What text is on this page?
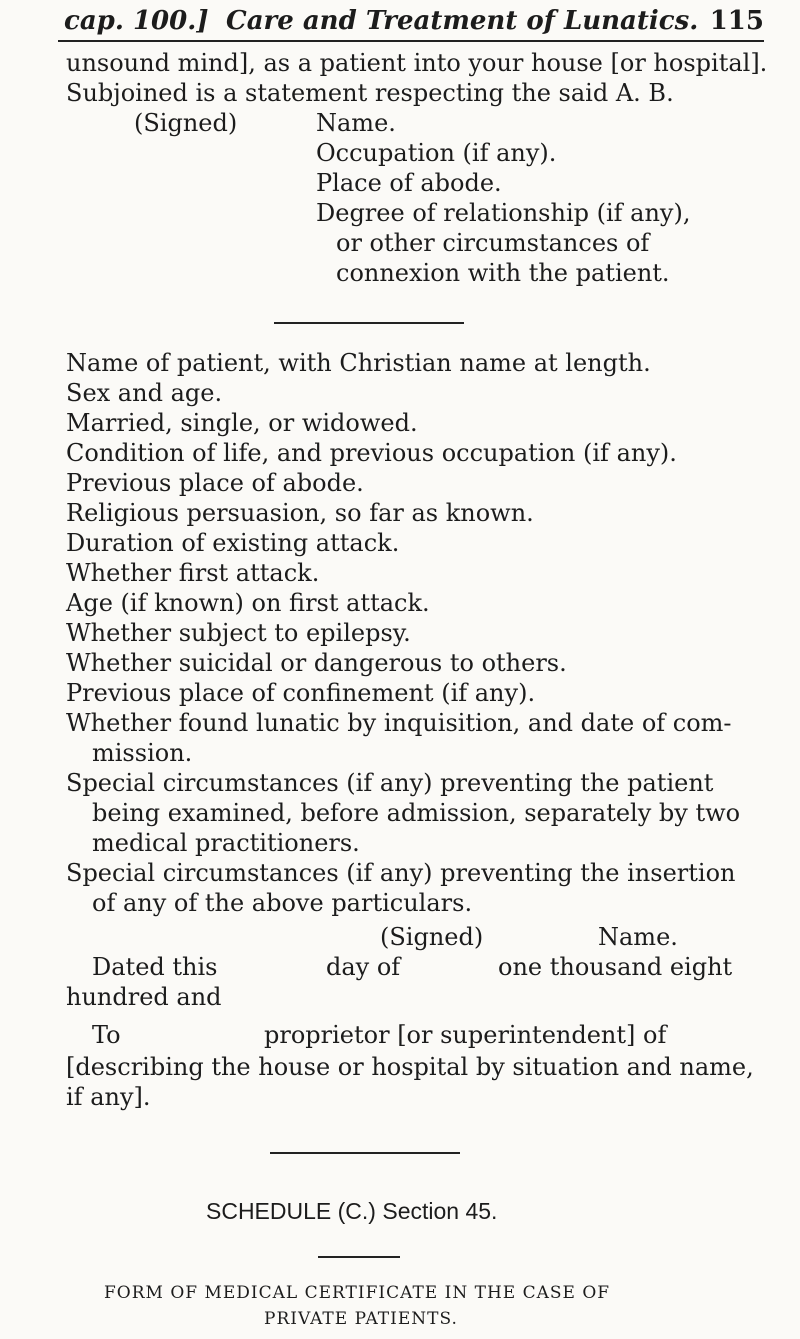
cap. 100.] Care and Treatment of Lunatics. 115
unsound mind], as a patient into your house [or hospital].
Subjoined is a statement respecting the said A. B.
(Signed)	Name.
Occupation (if any).
Place of abode.
Degree of relationship (if any),
or other circumstances of
connexion with the patient.
Name of patient, with Christian name at length.
Sex and age.
Married, single, or widowed.
Condition of life, and previous occupation (if any).
Previous place of abode.
Religious persuasion, so far as known.
Duration of existing attack.
Whether first attack.
Age (if known) on first attack.
Whether subject to epilepsy.
Whether suicidal or dangerous to others.
Previous place of confinement (if any).
Whether found lunatic by inquisition, and date of com-
mission.
Special circumstances (if any) preventing the patient
being examined, before admission, separately by two
medical practitioners.
Special circumstances (if any) preventing the insertion
of any of the above particulars.
(Signed)	Name.
Dated this	day of	one thousand eight
hundred and
To	proprietor [or superintendent] of
[describing the house or hospital by situation and name,
if any].
SCHEDULE (C.) Section 45.
FORM OF MEDICAL CERTIFICATE IN THE CASE OF
PRIVATE PATIENTS.
